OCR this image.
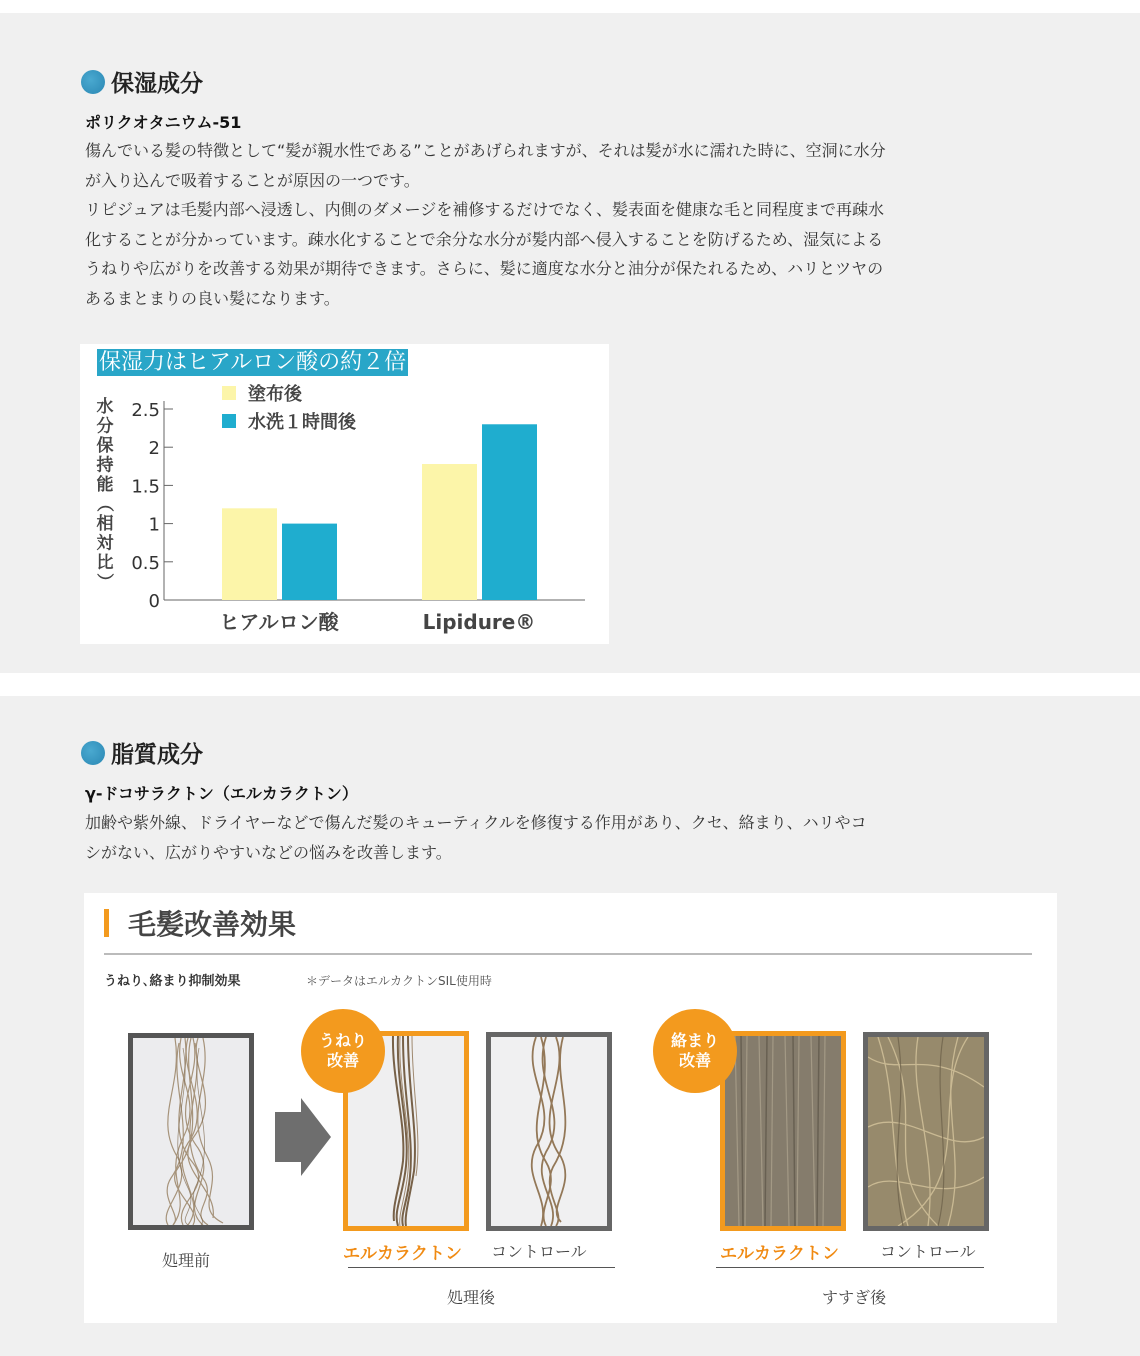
保湿成分
ポリクオタニウム-51

傷んでいる髪の特徴として“髪が親水性である”ことがあげられますが、それは髪が水に濡れた時に、空洞に水分

が入り込んで吸着することが原因の一つです。

リピジュアは毛髪内部へ浸透し、内側のダメージを補修するだけでなく、髪表面を健康な毛と同程度まで再疎水

化することが分かっています。疎水化することで余分な水分が髪内部へ侵入することを防げるため、湿気による

うねりや広がりを改善する効果が期待できます。さらに、髪に適度な水分と油分が保たれるため、ハリとツヤの

あるまとまりの良い髪になります。

保湿力はヒアルロン酸の約２倍
0
0.5
1
1.5
2
2.5
水
分
保
持
能
（
相
対
比
）
ヒアルロン酸	Lipidure®
塗布後
水洗１時間後
脂質成分
γ-ドコサラクトン（エルカラクトン）

加齢や紫外線、ドライヤーなどで傷んだ髪のキューティクルを修復する作用があり、クセ、絡まり、ハリやコ

シがない、広がりやすいなどの悩みを改善します。

毛髪改善効果
うねり､絡まり抑制効果	＊データはエルカクトンSIL使用時
うねり
改善
絡まり
改善
処理前	エルカラクトン コントロール
処理後
エルカラクトン	コントロール
すすぎ後
